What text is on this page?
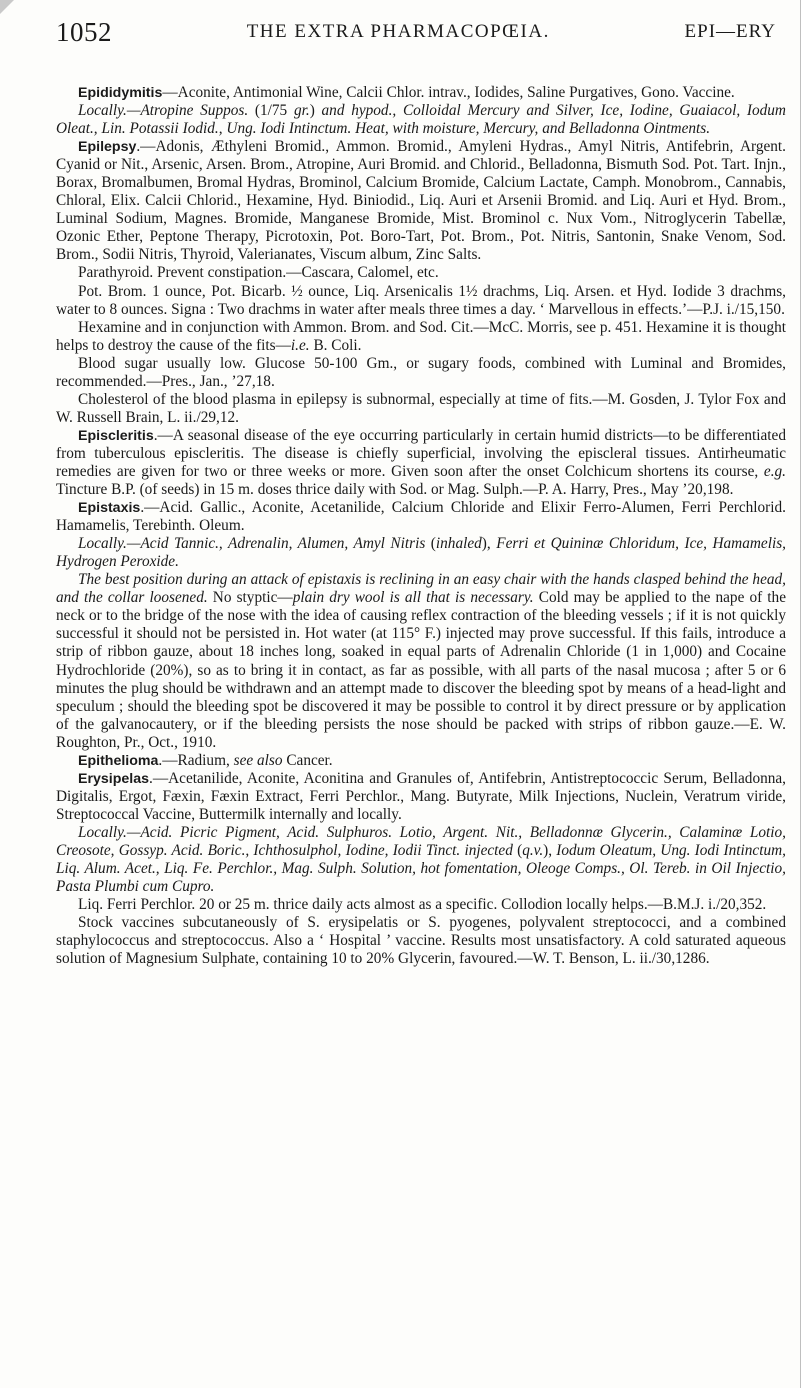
1052	THE EXTRA PHARMACOPŒIA.	EPI—ERY

Epididymitis—Aconite, Antimonial Wine, Calcii Chlor. intrav., Iodides, Saline Purgatives, Gono. Vaccine.

Locally.—Atropine Suppos. (1/75 gr.) and hypod., Colloidal Mercury and Silver, Ice, Iodine, Guaiacol, Iodum Oleat., Lin. Potassii Iodid., Ung. Iodi Intinctum. Heat, with moisture, Mercury, and Belladonna Ointments.

Epilepsy.—Adonis, Æthyleni Bromid., Ammon. Bromid., Amyleni Hydras., Amyl Nitris, Antifebrin, Argent. Cyanid or Nit., Arsenic, Arsen. Brom., Atropine, Auri Bromid. and Chlorid., Belladonna, Bismuth Sod. Pot. Tart. Injn., Borax, Bromalbumen, Bromal Hydras, Brominol, Calcium Bromide, Calcium Lactate, Camph. Monobrom., Cannabis, Chloral, Elix. Calcii Chlorid., Hexamine, Hyd. Biniodid., Liq. Auri et Arsenii Bromid. and Liq. Auri et Hyd. Brom., Luminal Sodium, Magnes. Bromide, Manganese Bromide, Mist. Brominol c. Nux Vom., Nitroglycerin Tabellæ, Ozonic Ether, Peptone Therapy, Picrotoxin, Pot. Boro-Tart, Pot. Brom., Pot. Nitris, Santonin, Snake Venom, Sod. Brom., Sodii Nitris, Thyroid, Valerianates, Viscum album, Zinc Salts.

Parathyroid. Prevent constipation.—Cascara, Calomel, etc.

Pot. Brom. 1 ounce, Pot. Bicarb. ½ ounce, Liq. Arsenicalis 1½ drachms, Liq. Arsen. et Hyd. Iodide 3 drachms, water to 8 ounces. Signa : Two drachms in water after meals three times a day. ‘ Marvellous in effects.’—P.J. i./15,150.

Hexamine and in conjunction with Ammon. Brom. and Sod. Cit.—McC. Morris, see p. 451. Hexamine it is thought helps to destroy the cause of the fits—i.e. B. Coli.

Blood sugar usually low. Glucose 50-100 Gm., or sugary foods, combined with Luminal and Bromides, recommended.—Pres., Jan., ’27,18.

Cholesterol of the blood plasma in epilepsy is subnormal, especially at time of fits.—M. Gosden, J. Tylor Fox and W. Russell Brain, L. ii./29,12.

Episcleritis.—A seasonal disease of the eye occurring particularly in certain humid districts—to be differentiated from tuberculous episcleritis. The disease is chiefly superficial, involving the episcleral tissues. Antirheumatic remedies are given for two or three weeks or more. Given soon after the onset Colchicum shortens its course, e.g. Tincture B.P. (of seeds) in 15 m. doses thrice daily with Sod. or Mag. Sulph.—P. A. Harry, Pres., May ’20,198.

Epistaxis.—Acid. Gallic., Aconite, Acetanilide, Calcium Chloride and Elixir Ferro-Alumen, Ferri Perchlorid. Hamamelis, Terebinth. Oleum.

Locally.—Acid Tannic., Adrenalin, Alumen, Amyl Nitris (inhaled), Ferri et Quininæ Chloridum, Ice, Hamamelis, Hydrogen Peroxide.

The best position during an attack of epistaxis is reclining in an easy chair with the hands clasped behind the head, and the collar loosened. No styptic—plain dry wool is all that is necessary. Cold may be applied to the nape of the neck or to the bridge of the nose with the idea of causing reflex contraction of the bleeding vessels ; if it is not quickly successful it should not be persisted in. Hot water (at 115° F.) injected may prove successful. If this fails, introduce a strip of ribbon gauze, about 18 inches long, soaked in equal parts of Adrenalin Chloride (1 in 1,000) and Cocaine Hydrochloride (20%), so as to bring it in contact, as far as possible, with all parts of the nasal mucosa ; after 5 or 6 minutes the plug should be withdrawn and an attempt made to discover the bleeding spot by means of a head-light and speculum ; should the bleeding spot be discovered it may be possible to control it by direct pressure or by application of the galvanocautery, or if the bleeding persists the nose should be packed with strips of ribbon gauze.—E. W. Roughton, Pr., Oct., 1910.

Epithelioma.—Radium, see also Cancer.

Erysipelas.—Acetanilide, Aconite, Aconitina and Granules of, Antifebrin, Antistreptococcic Serum, Belladonna, Digitalis, Ergot, Fæxin, Fæxin Extract, Ferri Perchlor., Mang. Butyrate, Milk Injections, Nuclein, Veratrum viride, Streptococcal Vaccine, Buttermilk internally and locally.

Locally.—Acid. Picric Pigment, Acid. Sulphuros. Lotio, Argent. Nit., Belladonnæ Glycerin., Calaminæ Lotio, Creosote, Gossyp. Acid. Boric., Ichthosulphol, Iodine, Iodii Tinct. injected (q.v.), Iodum Oleatum, Ung. Iodi Intinctum, Liq. Alum. Acet., Liq. Fe. Perchlor., Mag. Sulph. Solution, hot fomentation, Oleoge Comps., Ol. Tereb. in Oil Injectio, Pasta Plumbi cum Cupro.

Liq. Ferri Perchlor. 20 or 25 m. thrice daily acts almost as a specific. Collodion locally helps.—B.M.J. i./20,352.

Stock vaccines subcutaneously of S. erysipelatis or S. pyogenes, polyvalent streptococci, and a combined staphylococcus and streptococcus. Also a ‘ Hospital ’ vaccine. Results most unsatisfactory. A cold saturated aqueous solution of Magnesium Sulphate, containing 10 to 20% Glycerin, favoured.—W. T. Benson, L. ii./30,1286.
